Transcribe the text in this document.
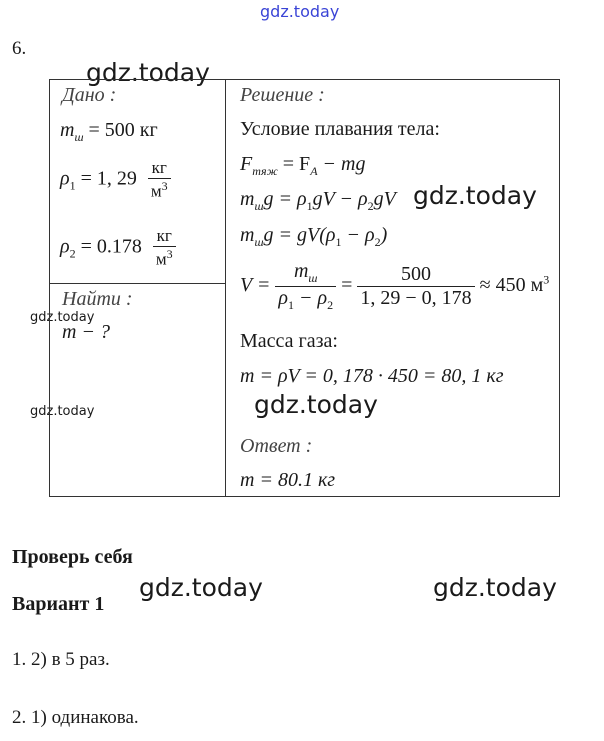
gdz.today
gdz.today
gdz.today
gdz.today
gdz.today	gdz.today
gdz.today
gdz.today
6.
Дано :
$m_ш = 500$ кг
$\rho_1 = 1$, $29 \frac{кг}{м^3}$
$\rho_2 = 0.178 \frac{кг}{м^3}$
Найти :
m − ?
Решение :
Условие плавания тела:
$F_{тяж} = F_A$ − mg
$m_шg = \rho_1gV - \rho_2gV$
$m_шg = gV(\rho_1 - \rho_2)$
$V = \frac{m_ш}{\rho_1 - \rho_2} = \frac{500}{1, 29 - 0, 178} \approx 450$ $м^3$
Масса газа:
m = ρV = 0, 178 · 450 = 80, 1 кг
Ответ :
m = 80.1 кг
Проверь себя
Вариант 1
1. 2) в 5 раз.
2. 1) одинакова.
